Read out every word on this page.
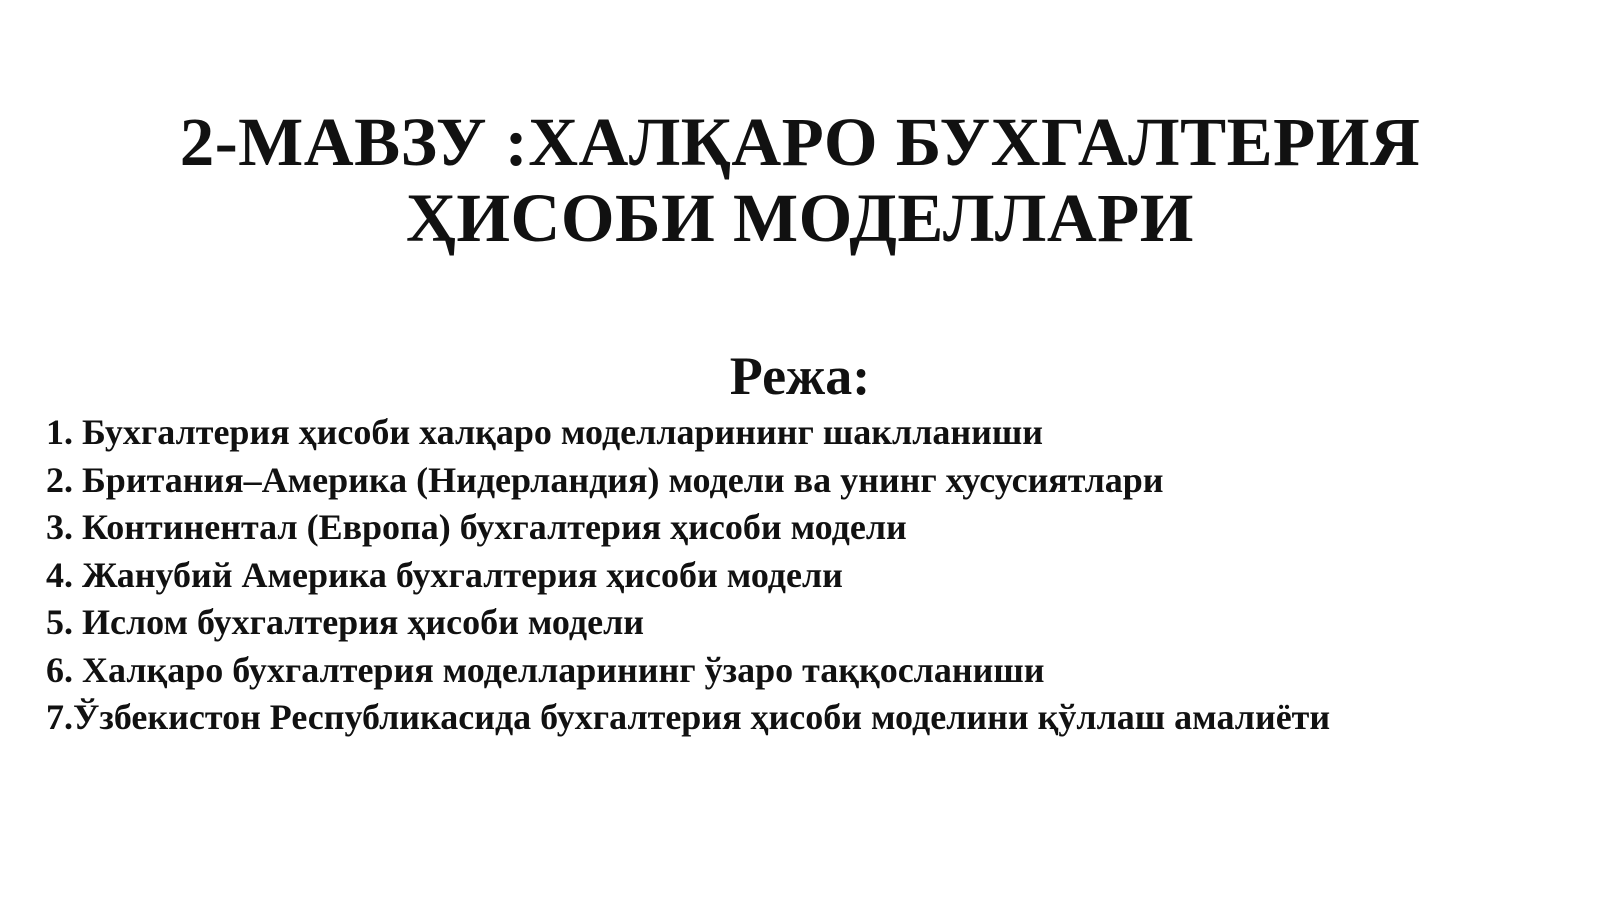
2-МАВЗУ :ХАЛҚАРО БУХГАЛТЕРИЯ
ҲИСОБИ МОДЕЛЛАРИ
Режа:
1. Бухгалтерия ҳисоби халқаро моделларининг шаклланиши
2. Британия–Америка (Нидерландия) модели ва унинг хусусиятлари
3. Континентал (Европа) бухгалтерия ҳисоби модели
4. Жанубий Америка бухгалтерия ҳисоби модели
5. Ислом бухгалтерия ҳисоби модели
6. Халқаро бухгалтерия моделларининг ўзаро таққосланиши
7.Ўзбекистон Республикасида бухгалтерия ҳисоби моделини қўллаш амалиёти
